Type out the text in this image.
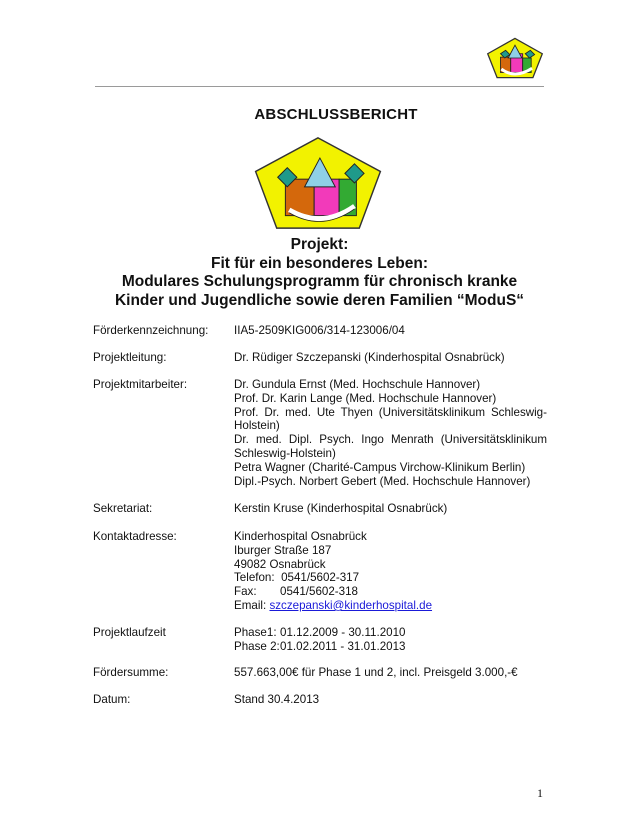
ABSCHLUSSBERICHT
Projekt:
Fit für ein besonderes Leben:
Modulares Schulungsprogramm für chronisch kranke
Kinder und Jugendliche sowie deren Familien “ModuS“
Förderkennzeichnung:	IIA5-2509KIG006/314-123006/04
Projektleitung:	Dr. Rüdiger Szczepanski (Kinderhospital Osnabrück)
Projektmitarbeiter:	Dr. Gundula Ernst (Med. Hochschule Hannover)
Prof. Dr. Karin Lange (Med. Hochschule Hannover)
Prof. Dr. med. Ute Thyen (Universitätsklinikum Schleswig-Holstein)
Dr. med. Dipl. Psych. Ingo Menrath (Universitätsklinikum Schleswig-Holstein)
Petra Wagner (Charité-Campus Virchow-Klinikum Berlin)
Dipl.-Psych. Norbert Gebert (Med. Hochschule Hannover)
Sekretariat:	Kerstin Kruse (Kinderhospital Osnabrück)
Kontaktadresse:	Kinderhospital Osnabrück
Iburger Straße 187
49082 Osnabrück
Telefon: 0541/5602-317
Fax: 0541/5602-318
Email: szczepanski@kinderhospital.de
Projektlaufzeit	Phase1: 01.12.2009 - 30.11.2010
Phase 2:01.02.2011 - 31.01.2013
Fördersumme:	557.663,00€ für Phase 1 und 2, incl. Preisgeld 3.000,-€
Datum:	Stand 30.4.2013
1
